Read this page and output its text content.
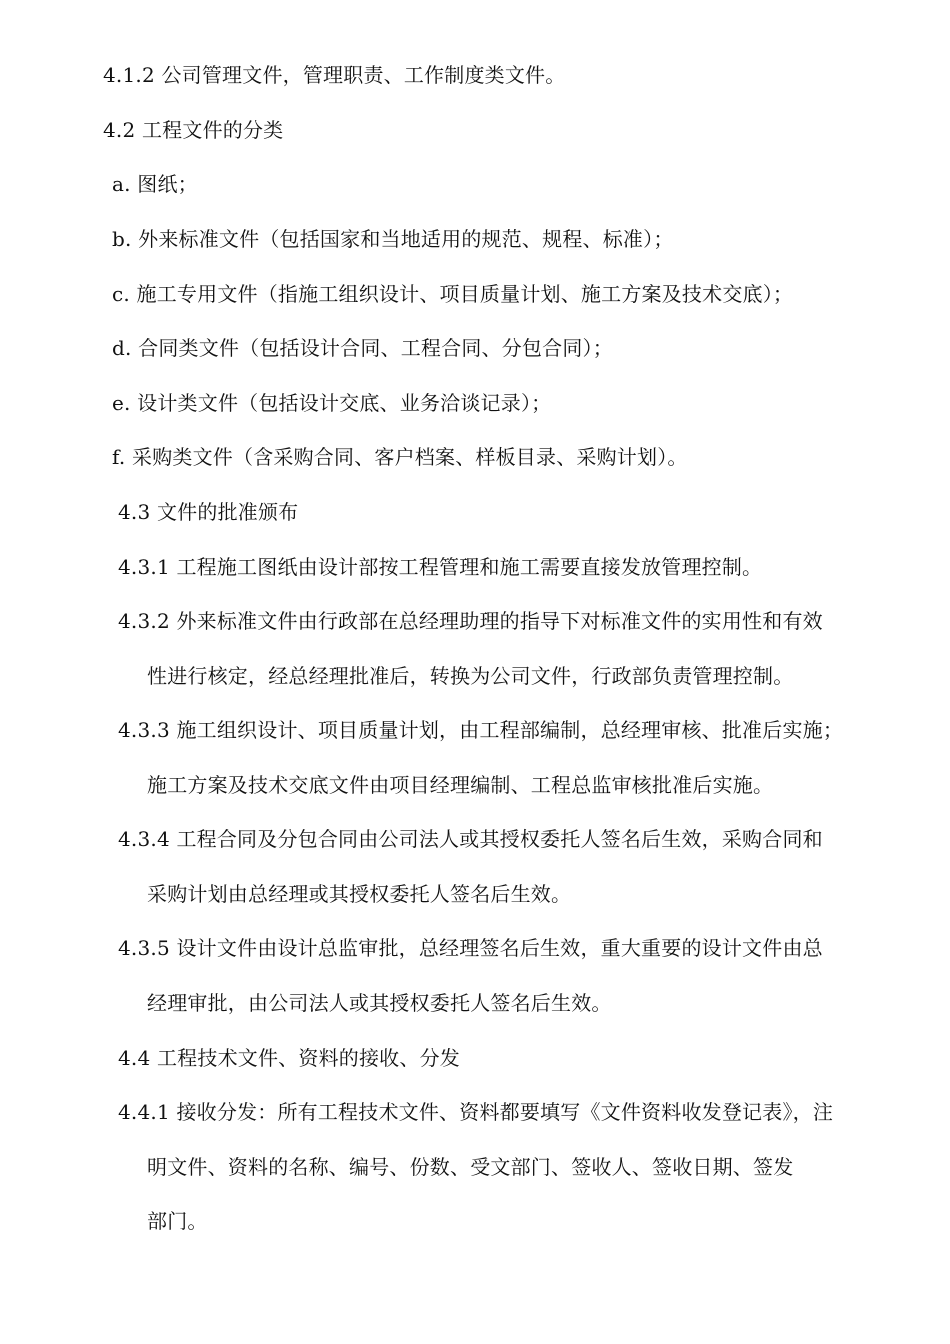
4.1.2 公司管理文件，管理职责、工作制度类文件。
4.2 工程文件的分类
a. 图纸；
b. 外来标准文件（包括国家和当地适用的规范、规程、标准）；
c. 施工专用文件（指施工组织设计、项目质量计划、施工方案及技术交底）；
d. 合同类文件（包括设计合同、工程合同、分包合同）；
e. 设计类文件（包括设计交底、业务洽谈记录）；
f. 采购类文件（含采购合同、客户档案、样板目录、采购计划）。
4.3 文件的批准颁布
4.3.1 工程施工图纸由设计部按工程管理和施工需要直接发放管理控制。
4.3.2 外来标准文件由行政部在总经理助理的指导下对标准文件的实用性和有效
性进行核定，经总经理批准后，转换为公司文件，行政部负责管理控制。
4.3.3 施工组织设计、项目质量计划，由工程部编制，总经理审核、批准后实施；
施工方案及技术交底文件由项目经理编制、工程总监审核批准后实施。
4.3.4 工程合同及分包合同由公司法人或其授权委托人签名后生效，采购合同和
采购计划由总经理或其授权委托人签名后生效。
4.3.5 设计文件由设计总监审批，总经理签名后生效，重大重要的设计文件由总
经理审批，由公司法人或其授权委托人签名后生效。
4.4 工程技术文件、资料的接收、分发
4.4.1 接收分发：所有工程技术文件、资料都要填写《文件资料收发登记表》，注
明文件、资料的名称、编号、份数、受文部门、签收人、签收日期、签发
部门。
